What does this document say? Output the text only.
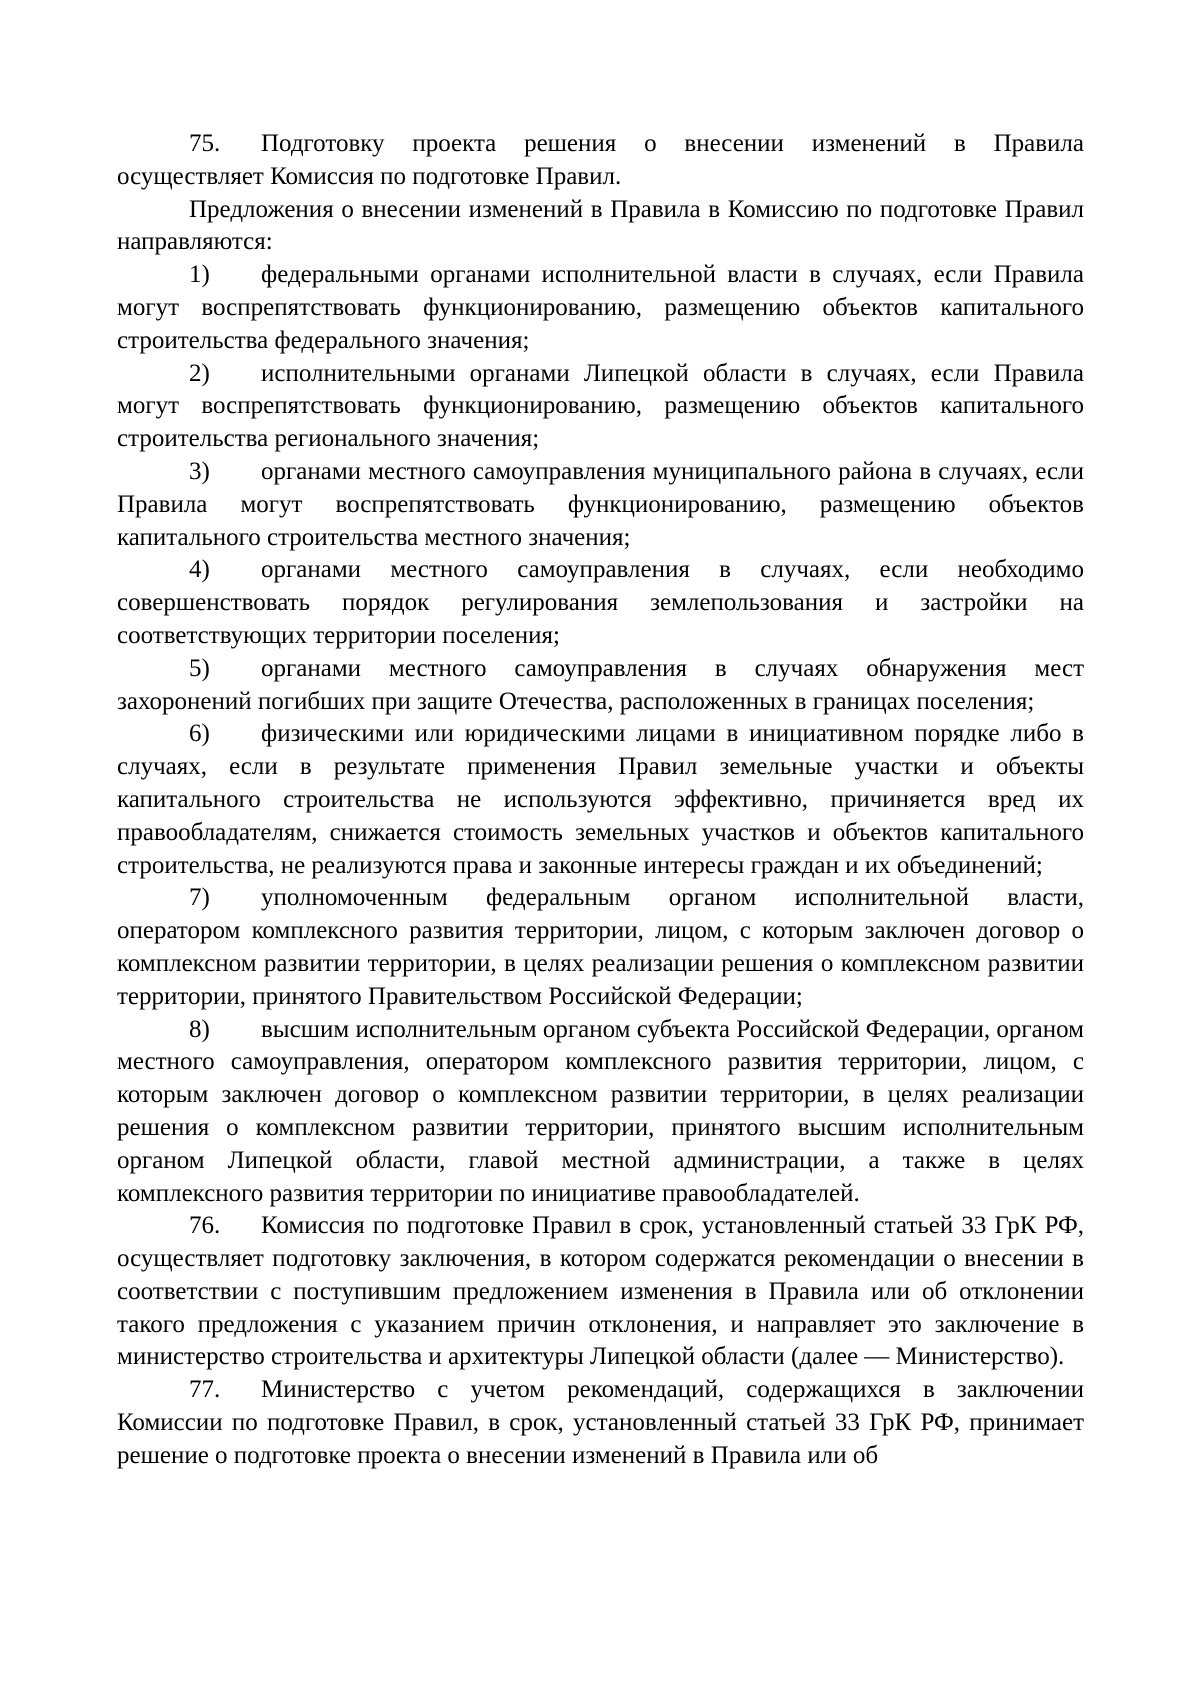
75. Подготовку проекта решения о внесении изменений в Правила осуществляет Комиссия по подготовке Правил.

Предложения о внесении изменений в Правила в Комиссию по подготовке Правил направляются:

1) федеральными органами исполнительной власти в случаях, если Правила могут воспрепятствовать функционированию, размещению объектов капитального строительства федерального значения;

2) исполнительными органами Липецкой области в случаях, если Правила могут воспрепятствовать функционированию, размещению объектов капитального строительства регионального значения;

3) органами местного самоуправления муниципального района в случаях, если Правила могут воспрепятствовать функционированию, размещению объектов капитального строительства местного значения;

4) органами местного самоуправления в случаях, если необходимо совершенствовать порядок регулирования землепользования и застройки на соответствующих территории поселения;

5) органами местного самоуправления в случаях обнаружения мест захоронений погибших при защите Отечества, расположенных в границах поселения;

6) физическими или юридическими лицами в инициативном порядке либо в случаях, если в результате применения Правил земельные участки и объекты капитального строительства не используются эффективно, причиняется вред их правообладателям, снижается стоимость земельных участков и объектов капитального строительства, не реализуются права и законные интересы граждан и их объединений;

7) уполномоченным федеральным органом исполнительной власти, оператором комплексного развития территории, лицом, с которым заключен договор о комплексном развитии территории, в целях реализации решения о комплексном развитии территории, принятого Правительством Российской Федерации;

8) высшим исполнительным органом субъекта Российской Федерации, органом местного самоуправления, оператором комплексного развития территории, лицом, с которым заключен договор о комплексном развитии территории, в целях реализации решения о комплексном развитии территории, принятого высшим исполнительным органом Липецкой области, главой местной администрации, а также в целях комплексного развития территории по инициативе правообладателей.

76. Комиссия по подготовке Правил в срок, установленный статьей 33 ГрК РФ, осуществляет подготовку заключения, в котором содержатся рекомендации о внесении в соответствии с поступившим предложением изменения в Правила или об отклонении такого предложения с указанием причин отклонения, и направляет это заключение в министерство строительства и архитектуры Липецкой области (далее — Министерство).

77. Министерство с учетом рекомендаций, содержащихся в заключении Комиссии по подготовке Правил, в срок, установленный статьей 33 ГрК РФ, принимает решение о подготовке проекта о внесении изменений в Правила или об
